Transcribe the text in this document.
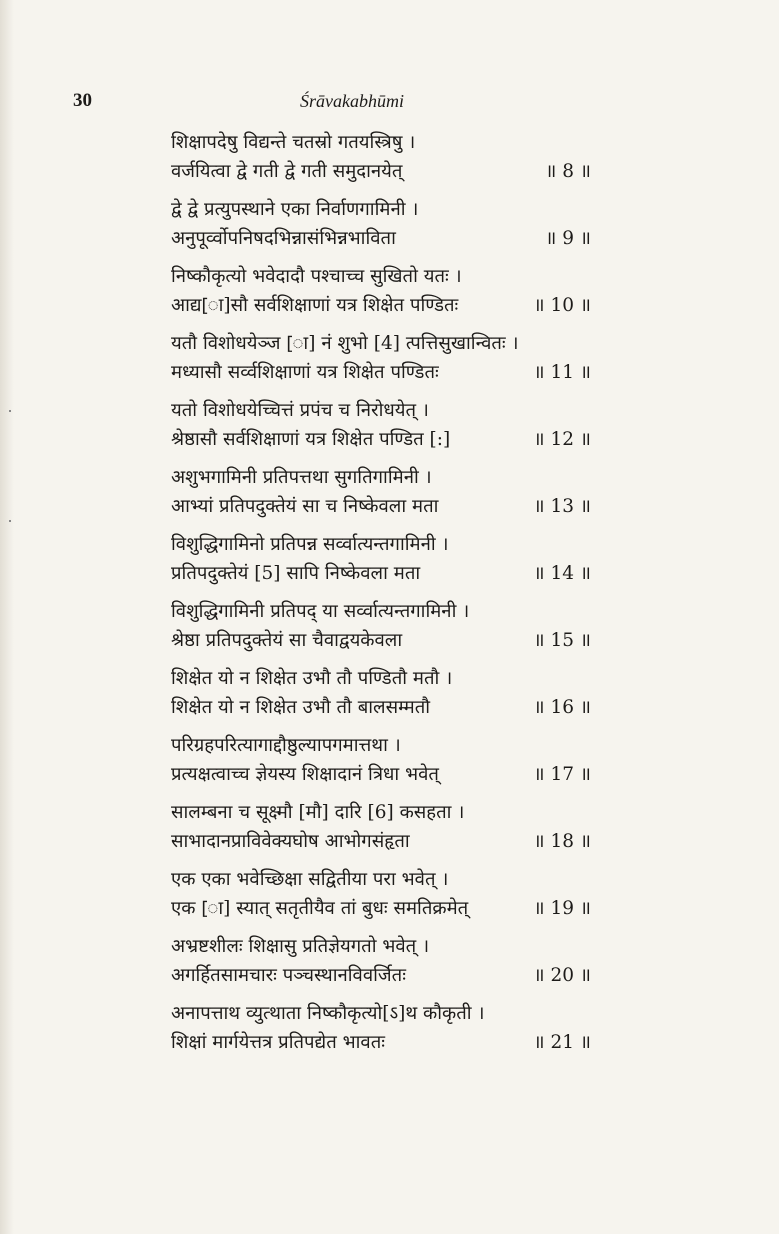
30	Śrāvakabhūmi
शिक्षापदेषु विद्यन्ते चतस्रो गतयस्त्रिषु ।
वर्जयित्वा द्वे गती द्वे गती समुदानयेत्	॥ 8 ॥
द्वे द्वे प्रत्युपस्थाने एका निर्वाणगामिनी ।
अनुपूर्व्वोपनिषदभिन्नासंभिन्नभाविता	॥ 9 ॥
निष्कौकृत्यो भवेदादौ पश्चाच्च सुखितो यतः ।
आद्य[ा]सौ सर्वशिक्षाणां यत्र शिक्षेत पण्डितः	॥ 10 ॥
यतौ विशोधयेञ्ज [ा] नं शुभो [4] त्पत्तिसुखान्वितः ।
मध्यासौ सर्व्वशिक्षाणां यत्र शिक्षेत पण्डितः	॥ 11 ॥
यतो विशोधयेच्चित्तं प्रपंच च निरोधयेत् ।
श्रेष्ठासौ सर्वशिक्षाणां यत्र शिक्षेत पण्डित [:]	॥ 12 ॥
अशुभगामिनी प्रतिपत्तथा सुगतिगामिनी ।
आभ्यां प्रतिपदुक्तेयं सा च निष्केवला मता	॥ 13 ॥
विशुद्धिगामिनो प्रतिपन्न सर्व्वात्यन्तगामिनी ।
प्रतिपदुक्तेयं [5] सापि निष्केवला मता	॥ 14 ॥
विशुद्धिगामिनी प्रतिपद् या सर्व्वात्यन्तगामिनी ।
श्रेष्ठा प्रतिपदुक्तेयं सा चैवाद्वयकेवला	॥ 15 ॥
शिक्षेत यो न शिक्षेत उभौ तौ पण्डितौ मतौ ।
शिक्षेत यो न शिक्षेत उभौ तौ बालसम्मतौ	॥ 16 ॥
परिग्रहपरित्यागाद्दौष्ठुल्यापगमात्तथा ।
प्रत्यक्षत्वाच्च ज्ञेयस्य शिक्षादानं त्रिधा भवेत्	॥ 17 ॥
सालम्बना च सूक्ष्मौ [मौ] दारि [6] कसहता ।
साभादानप्राविवेक्यघोष आभोगसंहृता	॥ 18 ॥
एक एका भवेच्छिक्षा सद्वितीया परा भवेत् ।
एक [ा] स्यात् सतृतीयैव तां बुधः समतिक्रमेत्	॥ 19 ॥
अभ्रष्टशीलः शिक्षासु प्रतिज्ञेयगतो भवेत् ।
अगर्हितसामचारः पञ्चस्थानविवर्जितः	॥ 20 ॥
अनापत्ताथ व्युत्थाता निष्कौकृत्यो[ऽ]थ कौकृती ।
शिक्षां मार्गयेत्तत्र प्रतिपद्येत भावतः	॥ 21 ॥
